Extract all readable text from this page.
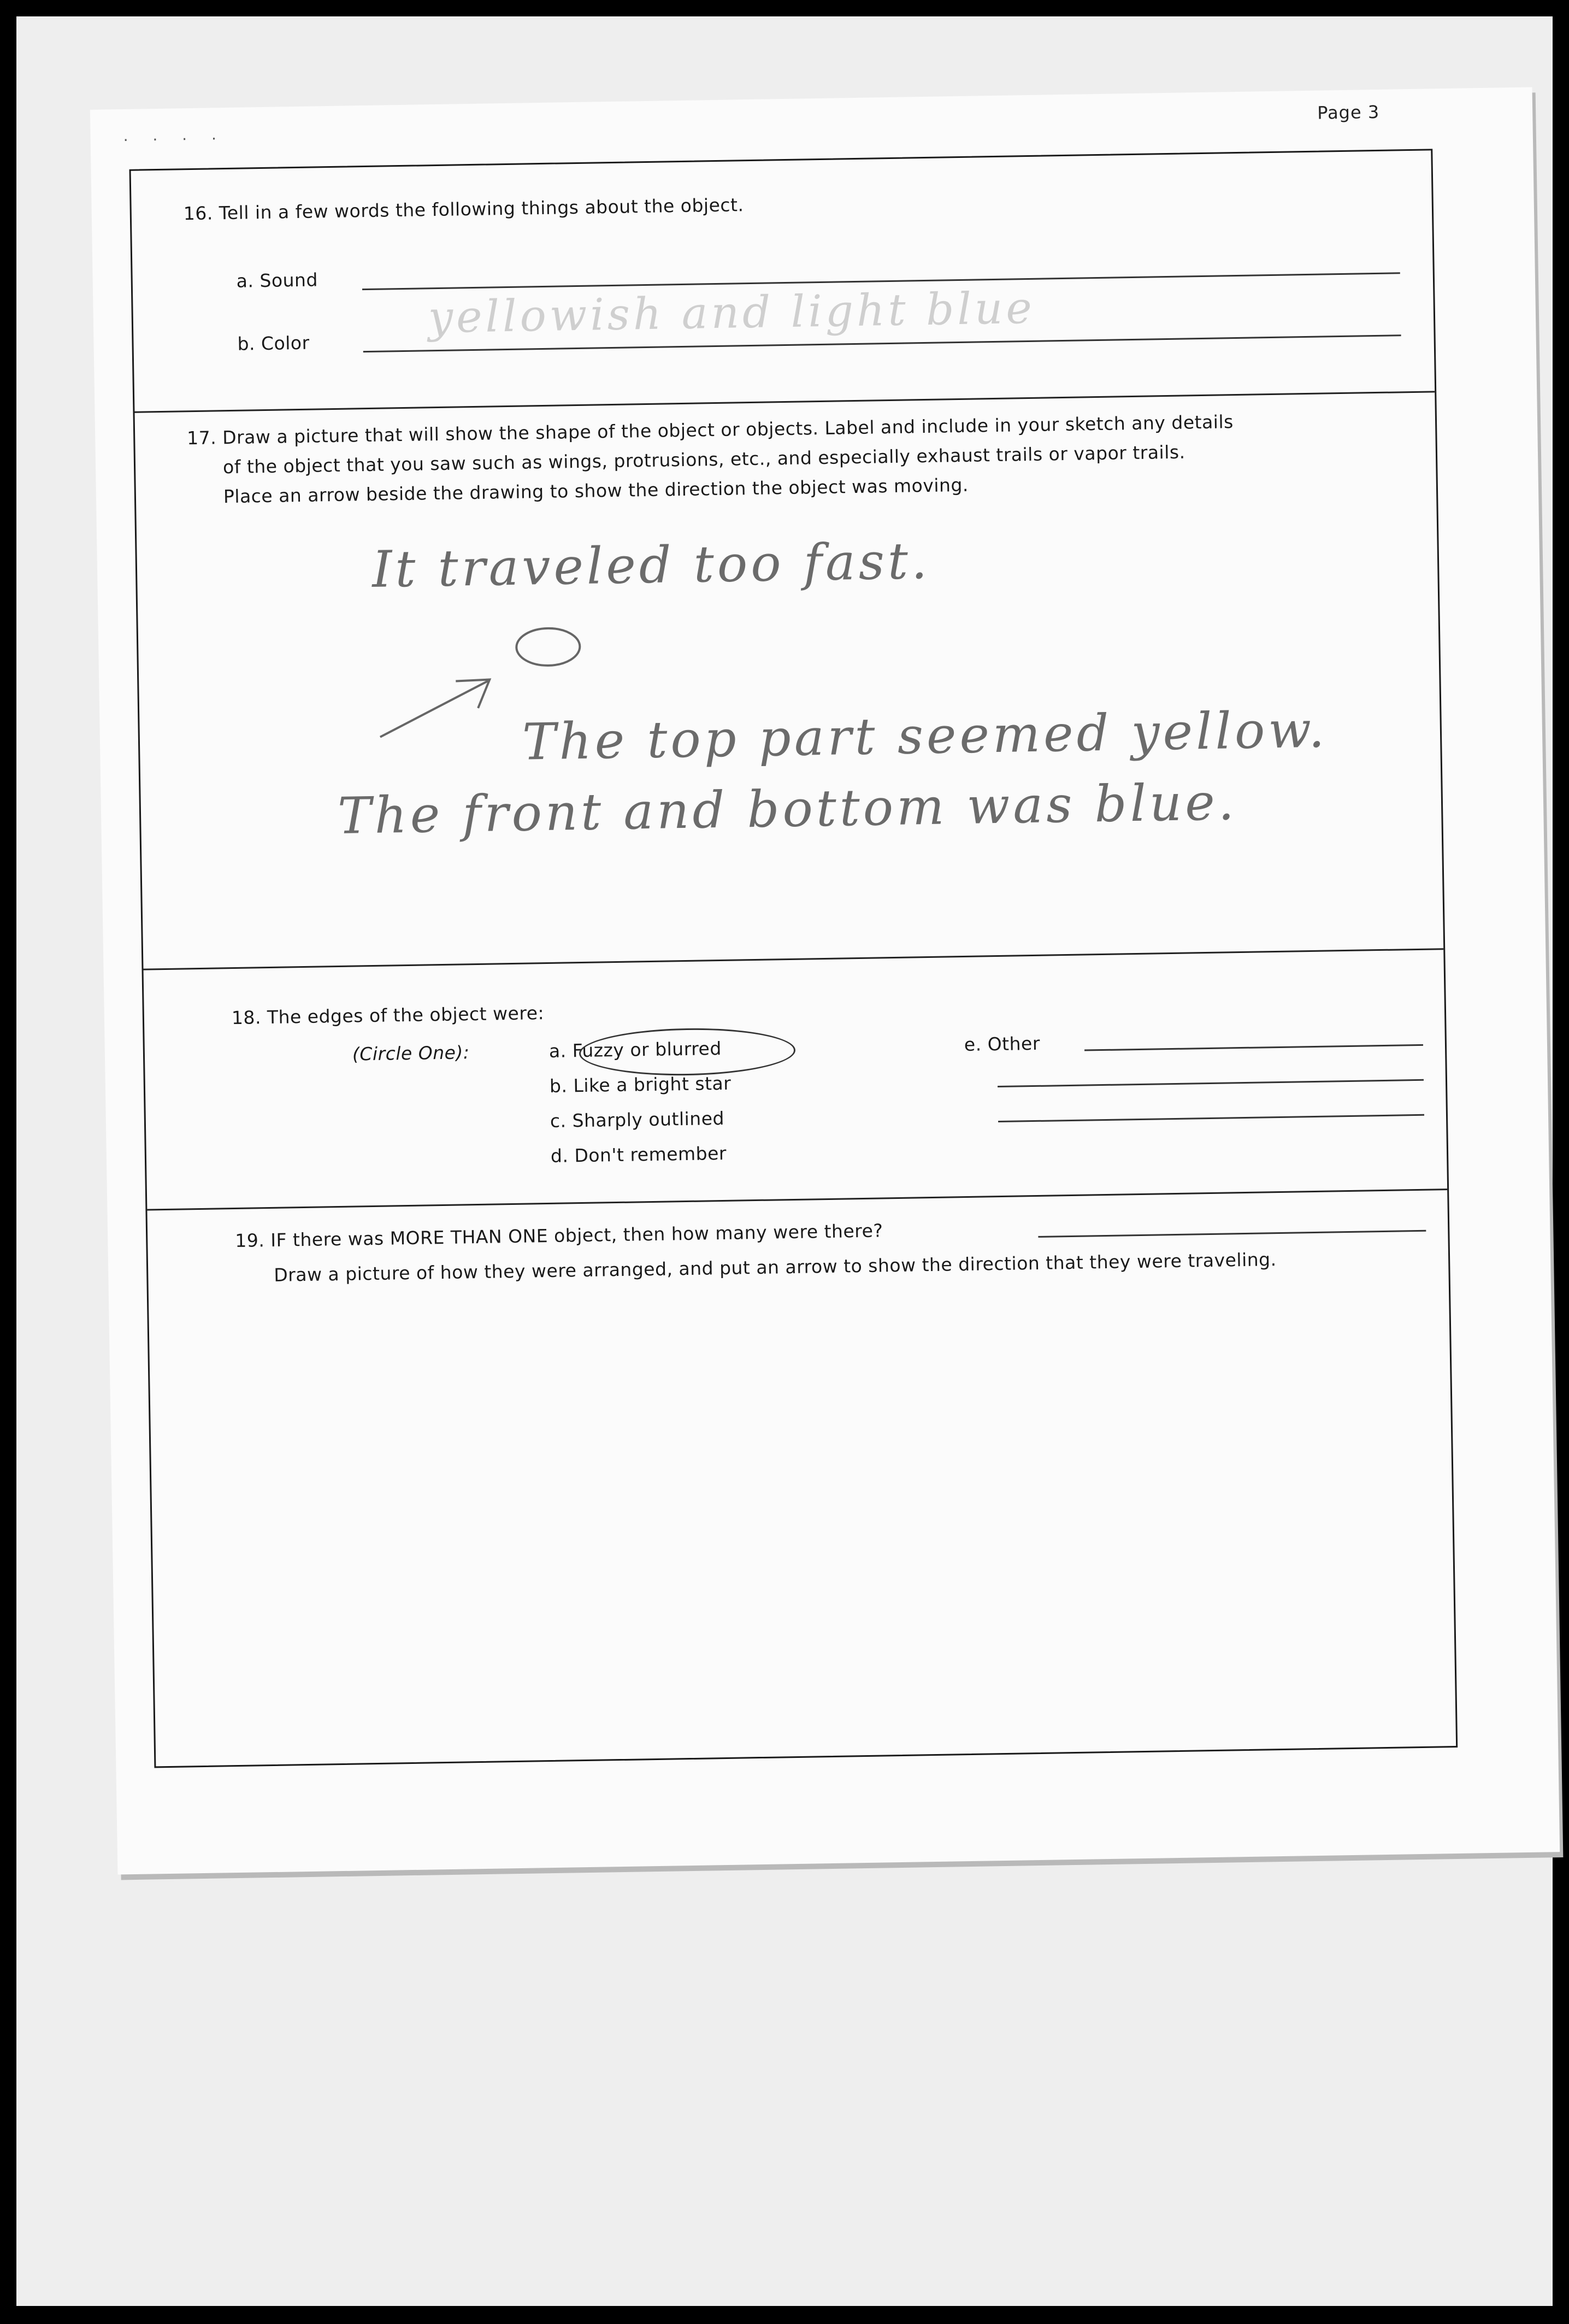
· · · ·
Page 3
16. Tell in a few words the following things about the object.
a. Sound
b. Color
yellowish and light blue
17. Draw a picture that will show the shape of the object or objects. Label and include in your sketch any details
of the object that you saw such as wings, protrusions, etc., and especially exhaust trails or vapor trails.
Place an arrow beside the drawing to show the direction the object was moving.
It traveled too fast.
The top part seemed yellow.
The front and bottom was blue.
18. The edges of the object were:
(Circle One):	a. Fuzzy or blurred
b. Like a bright star
c. Sharply outlined
d. Don't remember
e. Other
19. IF there was MORE THAN ONE object, then how many were there?
Draw a picture of how they were arranged, and put an arrow to show the direction that they were traveling.
